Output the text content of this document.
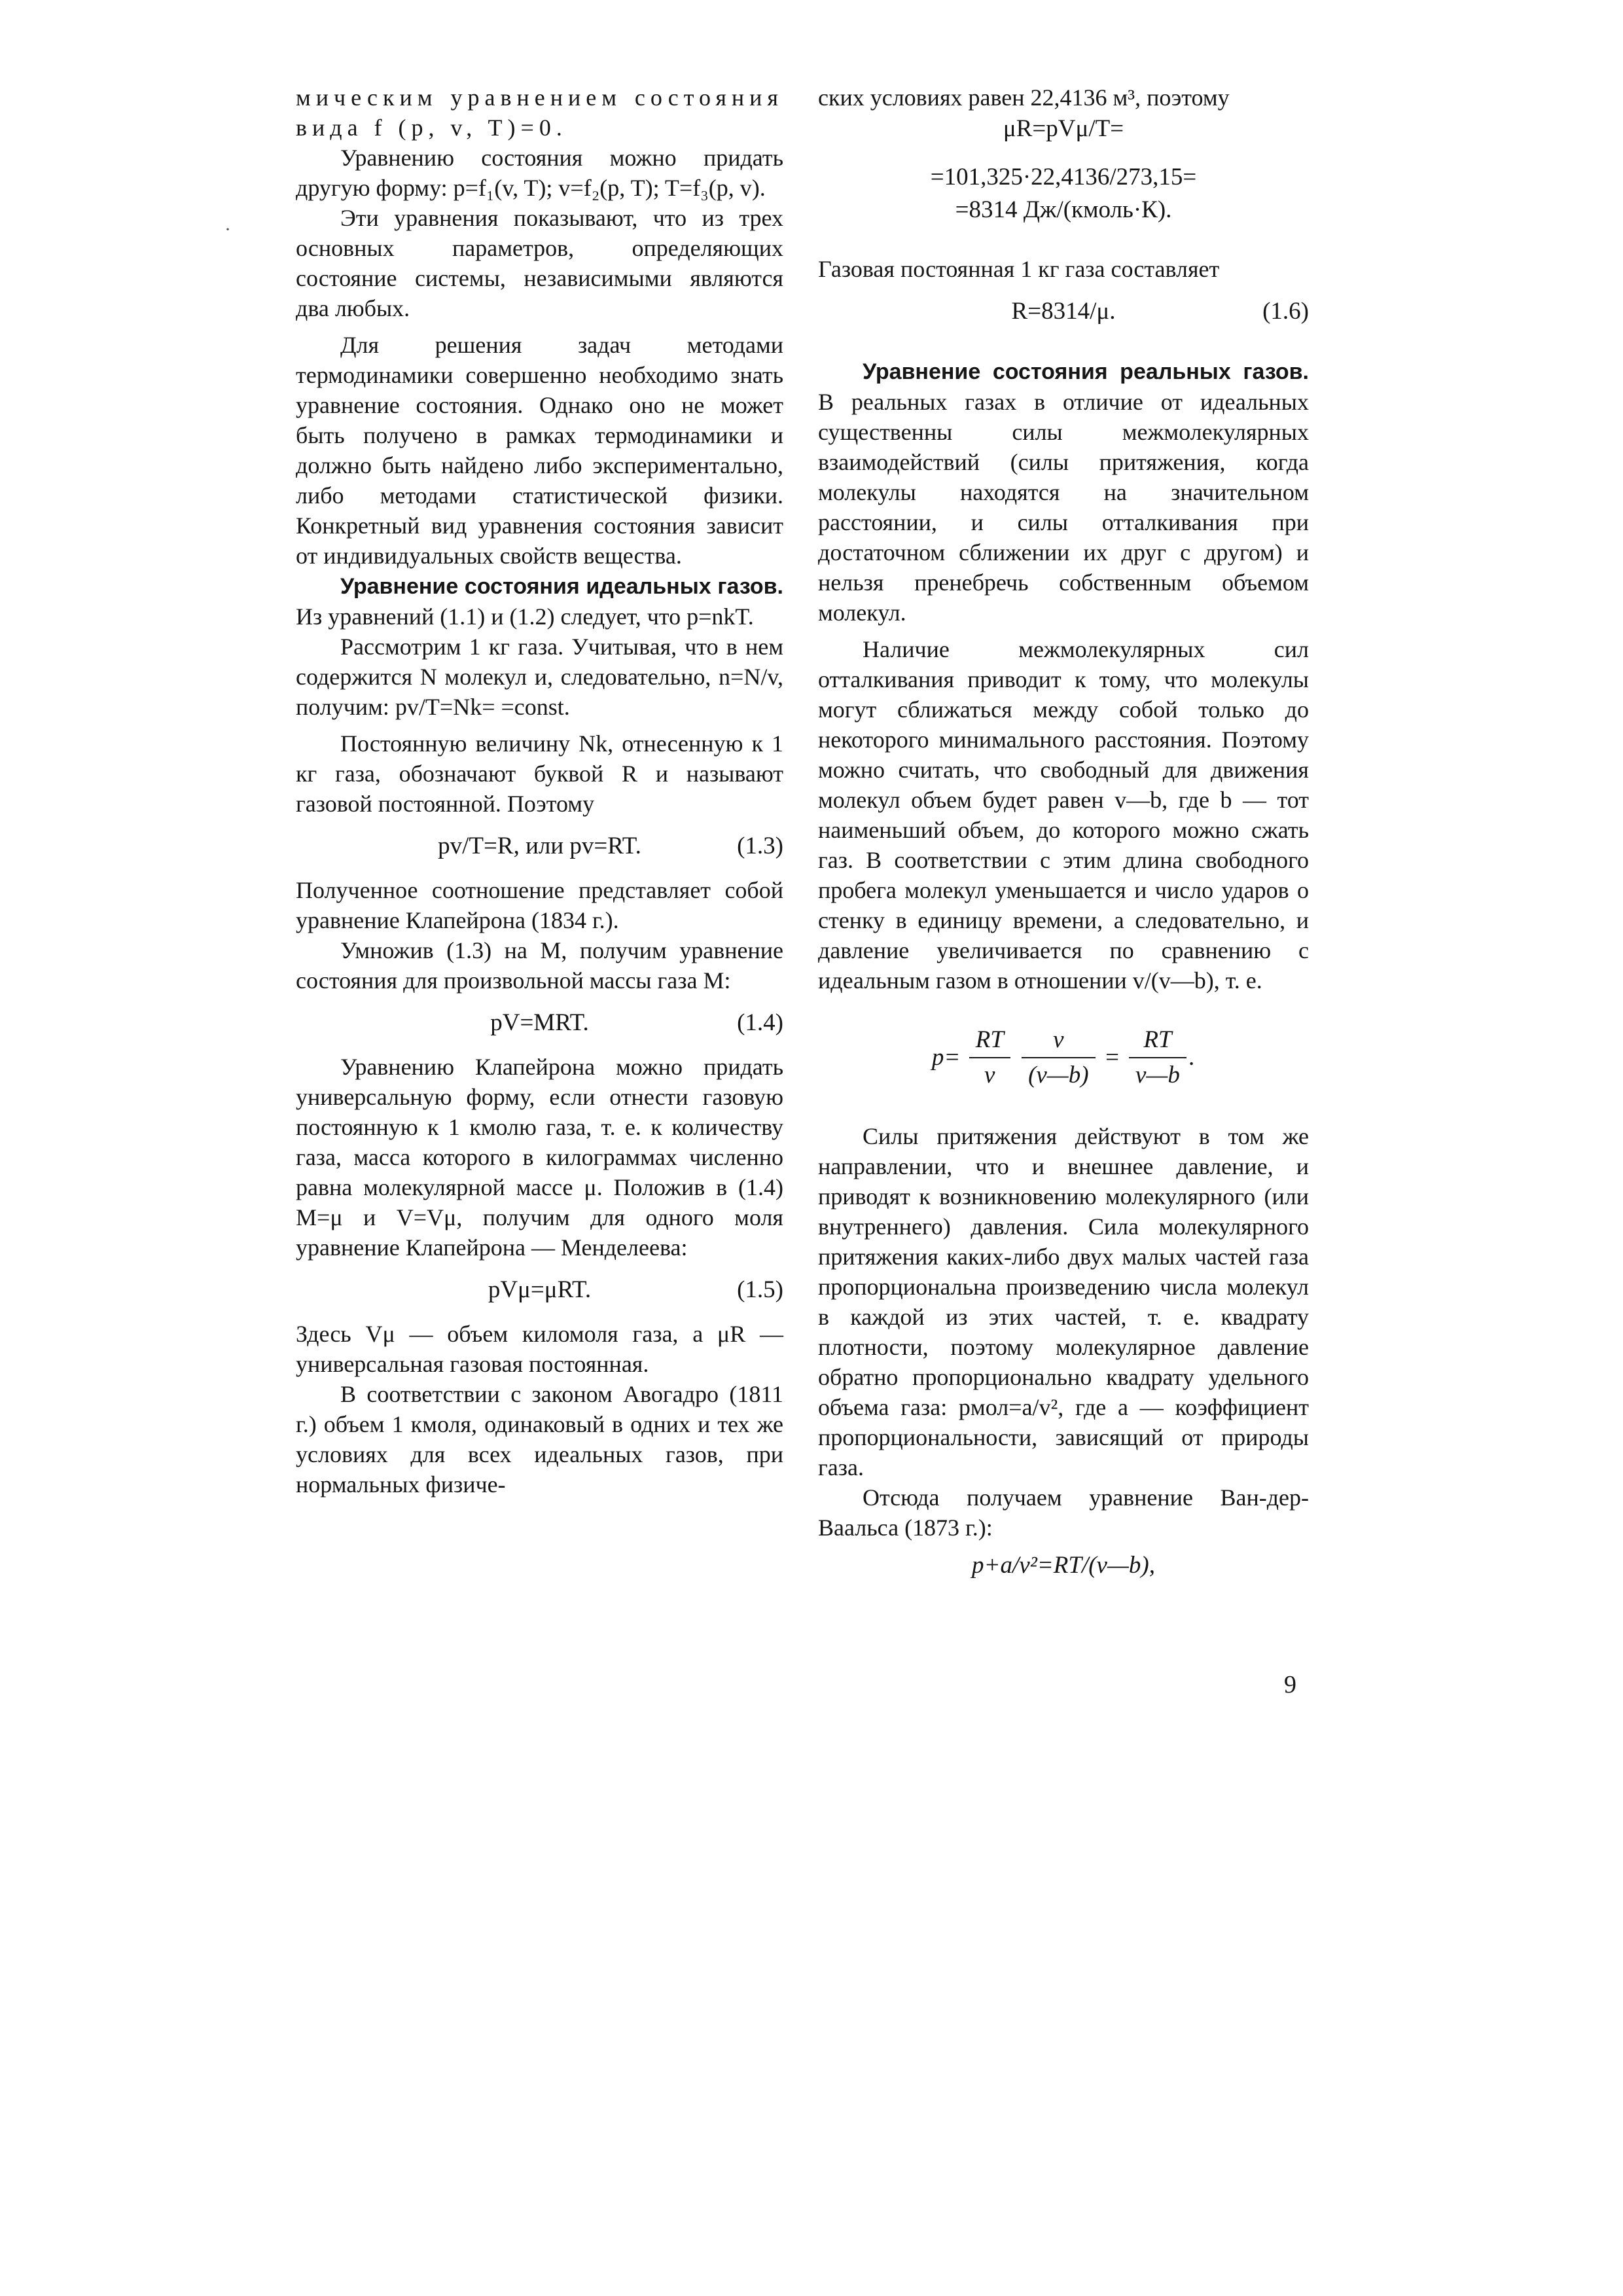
·

мическим уравнением состояния вида f (p, v, T)=0.

Уравнению состояния можно придать другую форму: p=f₁(v, T); v=f₂(p, T); T=f₃(p, v).

Эти уравнения показывают, что из трех основных параметров, определяющих состояние системы, независимыми являются два любых.

Для решения задач методами термодинамики совершенно необходимо знать уравнение состояния. Однако оно не может быть получено в рамках термодинамики и должно быть найдено либо экспериментально, либо методами статистической физики. Конкретный вид уравнения состояния зависит от индивидуальных свойств вещества.

Уравнение состояния идеальных газов. Из уравнений (1.1) и (1.2) следует, что p=nkT.

Рассмотрим 1 кг газа. Учитывая, что в нем содержится N молекул и, следовательно, n=N/v, получим: pv/T=Nk= =const.

Постоянную величину Nk, отнесенную к 1 кг газа, обозначают буквой R и называют газовой постоянной. Поэтому

pv/T=R, или pv=RT.	(1.3)

Полученное соотношение представляет собой уравнение Клапейрона (1834 г.).

Умножив (1.3) на M, получим уравнение состояния для произвольной массы газа M:

pV=MRT.	(1.4)

Уравнению Клапейрона можно придать универсальную форму, если отнести газовую постоянную к 1 кмолю газа, т. е. к количеству газа, масса которого в килограммах численно равна молекулярной массе μ. Положив в (1.4) M=μ и V=Vμ, получим для одного моля уравнение Клапейрона — Менделеева:

pVμ=μRT.	(1.5)

Здесь Vμ — объем киломоля газа, а μR — универсальная газовая постоянная.

В соответствии с законом Авогадро (1811 г.) объем 1 кмоля, одинаковый в одних и тех же условиях для всех идеальных газов, при нормальных физиче-

ских условиях равен 22,4136 м³, поэтому

μR=pVμ/T=
=101,325·22,4136/273,15=
=8314 Дж/(кмоль·К).

Газовая постоянная 1 кг газа составляет

R=8314/μ.	(1.6)

Уравнение состояния реальных газов. В реальных газах в отличие от идеальных существенны силы межмолекулярных взаимодействий (силы притяжения, когда молекулы находятся на значительном расстоянии, и силы отталкивания при достаточном сближении их друг с другом) и нельзя пренебречь собственным объемом молекул.

Наличие межмолекулярных сил отталкивания приводит к тому, что молекулы могут сближаться между собой только до некоторого минимального расстояния. Поэтому можно считать, что свободный для движения молекул объем будет равен v—b, где b — тот наименьший объем, до которого можно сжать газ. В соответствии с этим длина свободного пробега молекул уменьшается и число ударов о стенку в единицу времени, а следовательно, и давление увеличивается по сравнению с идеальным газом в отношении v/(v—b), т. е.

$p= \frac{RT}{v}$
$\frac{v}{(v—b)} = \frac{RT}{v—b}$ .

Силы притяжения действуют в том же направлении, что и внешнее давление, и приводят к возникновению молекулярного (или внутреннего) давления. Сила молекулярного притяжения каких-либо двух малых частей газа пропорциональна произведению числа молекул в каждой из этих частей, т. е. квадрату плотности, поэтому молекулярное давление обратно пропорционально квадрату удельного объема газа: pмол=a/v², где a — коэффициент пропорциональности, зависящий от природы газа.

Отсюда получаем уравнение Ван-дер-Ваальса (1873 г.):

p+a/v²=RT/(v—b),
9
